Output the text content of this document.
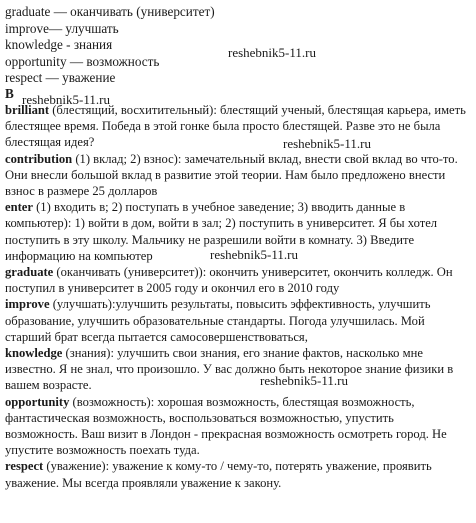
graduate — оканчивать (университет)
improve— улучшать
knowledge - знания
opportunity — возможность
respect — уважение
B

brilliant (блестящий, восхитительный): блестящий ученый, блестящая карьера, иметь блестящее время. Победа в этой гонке была просто блестящей. Разве это не была блестящая идея?

contribution (1) вклад; 2) взнос): замечательный вклад, внести свой вклад во что-то. Они внесли большой вклад в развитие этой теории. Нам было предложено внести взнос в размере 25 долларов

enter (1) входить в; 2) поступать в учебное заведение; 3) вводить данные в компьютер): 1) войти в дом, войти в зал; 2) поступить в университет. Я бы хотел поступить в эту школу. Мальчику не разрешили войти в комнату. 3) Введите информацию на компьютер

graduate (оканчивать (университет)): окончить университет, окончить колледж. Он поступил в университет в 2005 году и окончил его в 2010 году

improve (улучшать):улучшить результаты, повысить эффективность, улучшить образование, улучшить образовательные стандарты. Погода улучшилась. Мой старший брат всегда пытается самосовершенствоваться,

knowledge (знания): улучшить свои знания, его знание фактов, насколько мне известно. Я не знал, что произошло. У вас должно быть некоторое знание физики в вашем возрасте.

opportunity (возможность): хорошая возможность, блестящая возможность, фантастическая возможность, воспользоваться возможностью, упустить возможность. Ваш визит в Лондон - прекрасная возможность осмотреть город. Не упустите возможность поехать туда.

respect (уважение): уважение к кому-то / чему-то, потерять уважение, проявить уважение. Мы всегда проявляли уважение к закону.

reshebnik5-11.ru
reshebnik5-11.ru
reshebnik5-11.ru
reshebnik5-11.ru
reshebnik5-11.ru
